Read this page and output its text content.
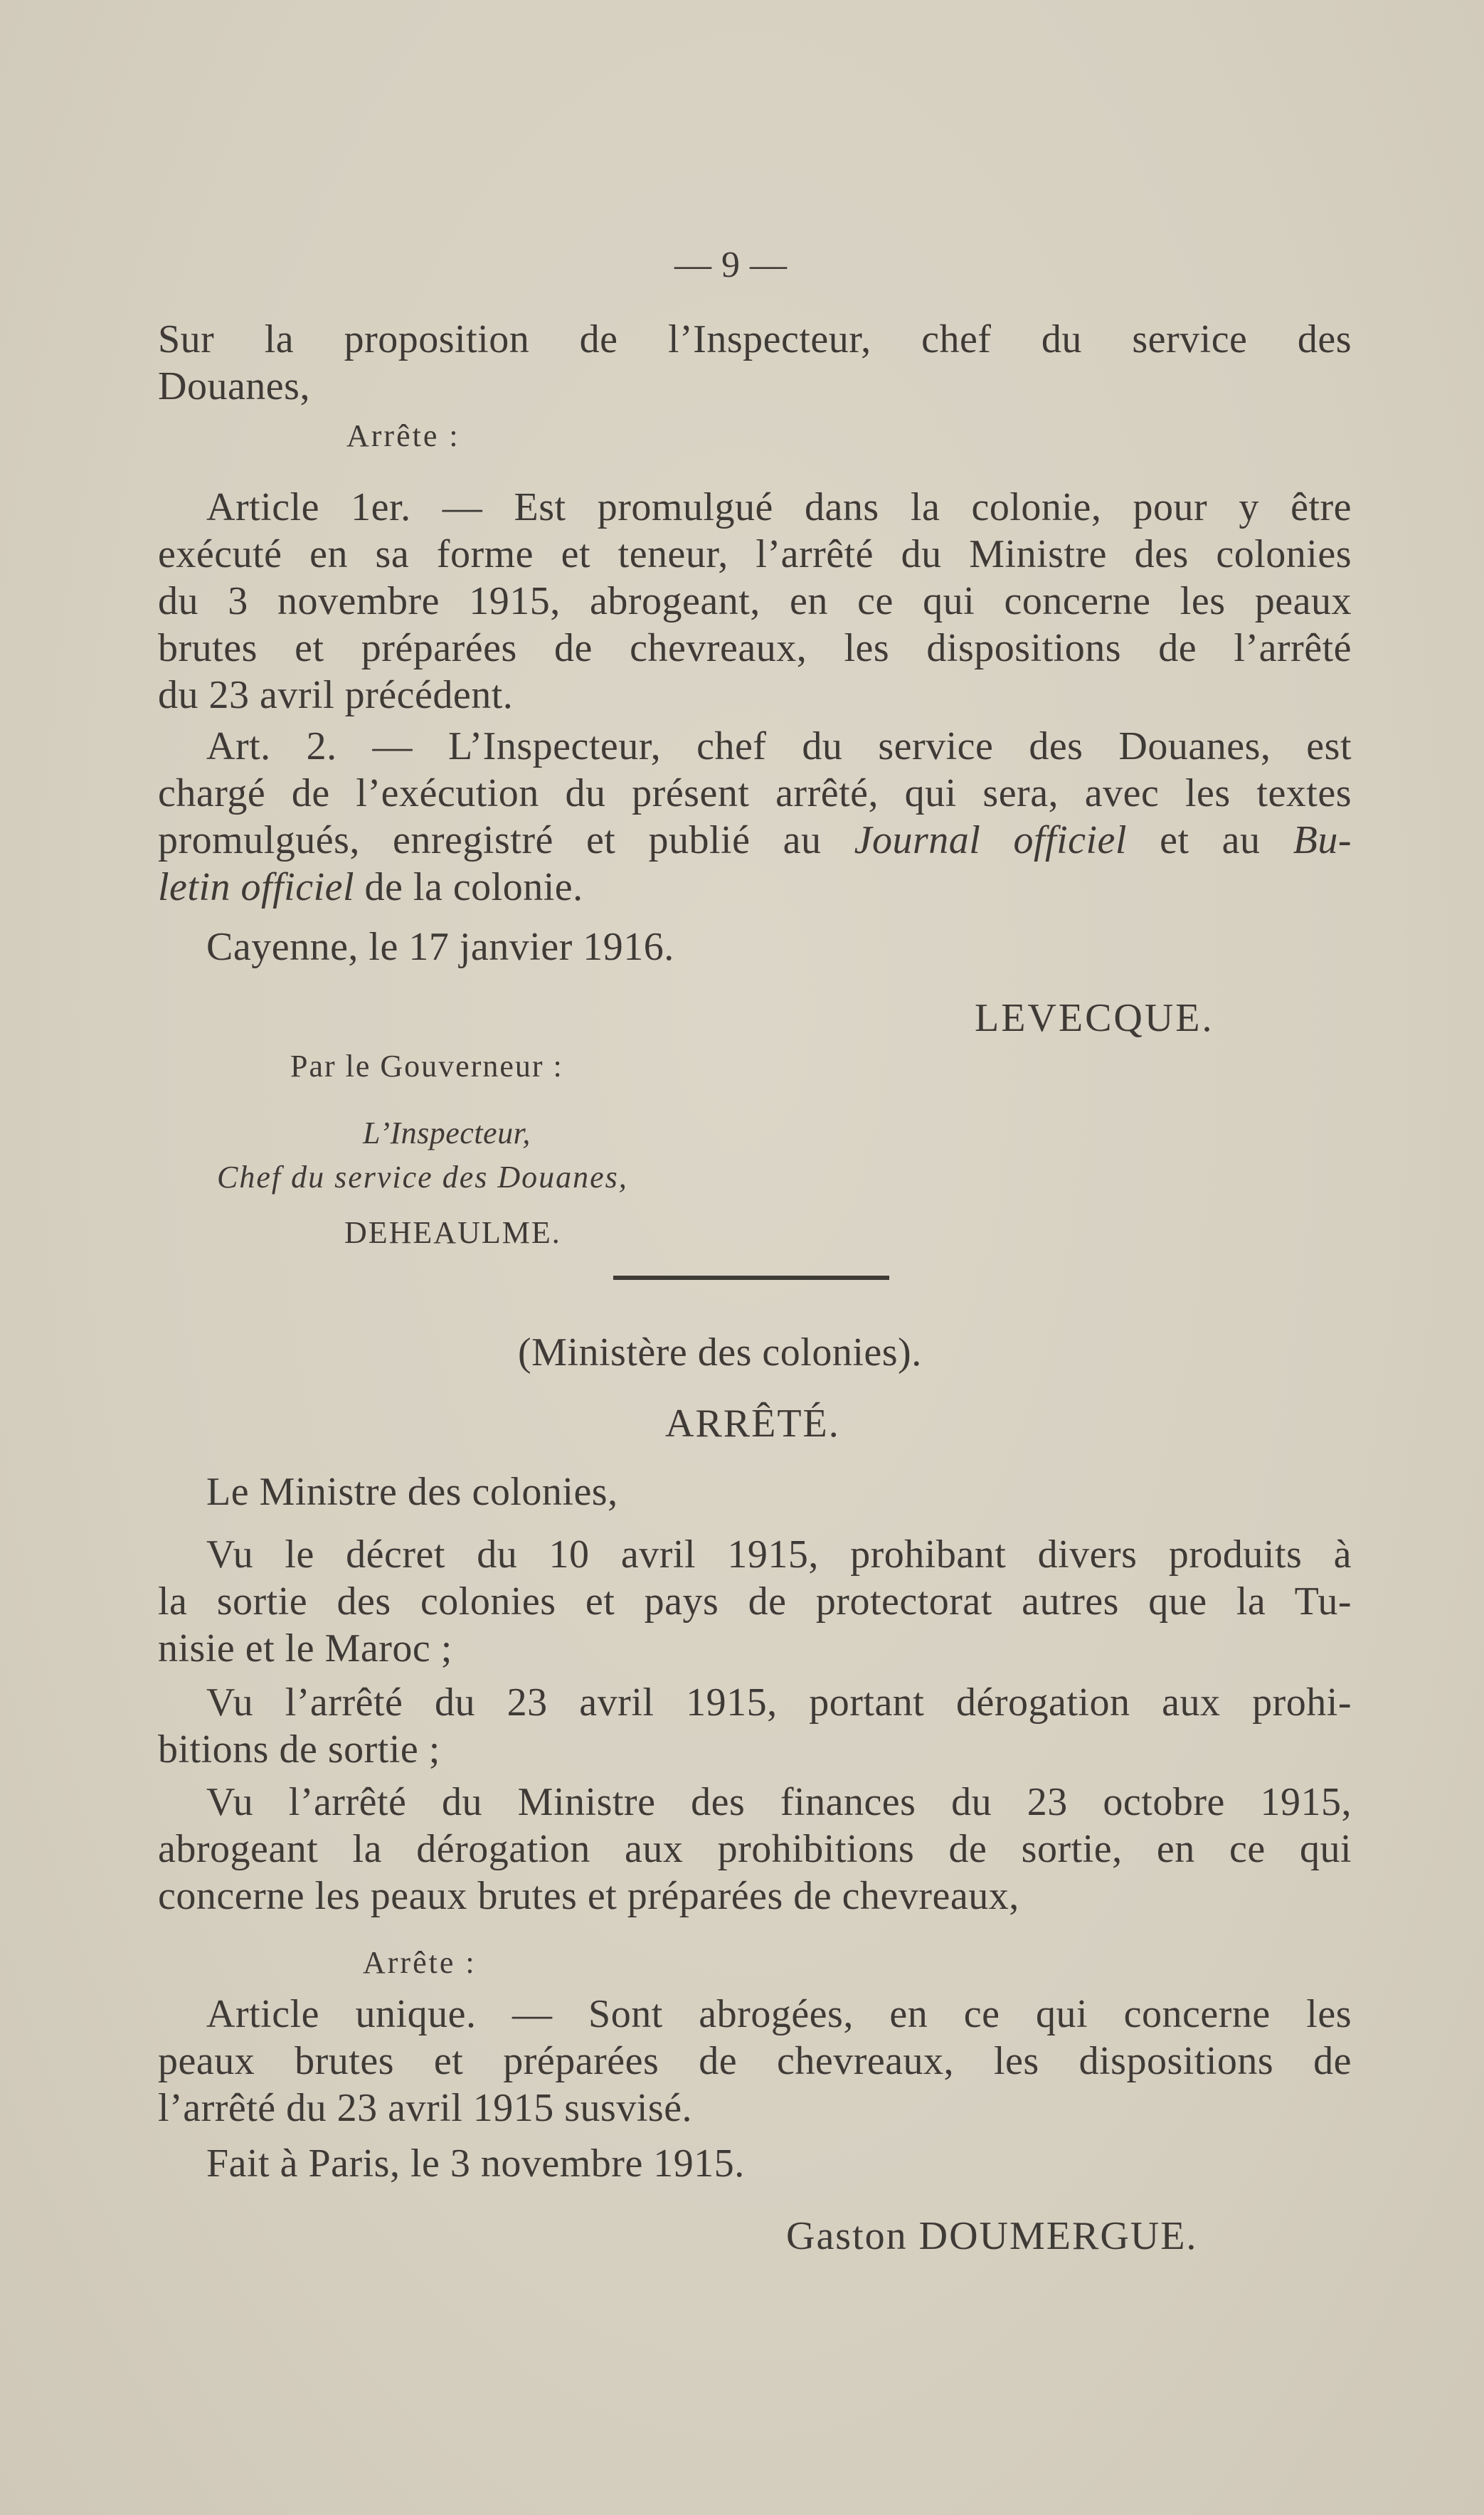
— 9 —
Sur la proposition de l’Inspecteur, chef du service des
Douanes,
Arrête :
Article 1er. — Est promulgué dans la colonie, pour y être
exécuté en sa forme et teneur, l’arrêté du Ministre des colonies
du 3 novembre 1915, abrogeant, en ce qui concerne les peaux
brutes et préparées de chevreaux, les dispositions de l’arrêté
du 23 avril précédent.
Art. 2. — L’Inspecteur, chef du service des Douanes, est
chargé de l’exécution du présent arrêté, qui sera, avec les textes
promulgués, enregistré et publié au Journal officiel et au Bu-
letin officiel de la colonie.
Cayenne, le 17 janvier 1916.
LEVECQUE.
Par le Gouverneur :
L’Inspecteur,
Chef du service des Douanes,
DEHEAULME.
(Ministère des colonies).
ARRÊTÉ.
Le Ministre des colonies,
Vu le décret du 10 avril 1915, prohibant divers produits à
la sortie des colonies et pays de protectorat autres que la Tu-
nisie et le Maroc ;
Vu l’arrêté du 23 avril 1915, portant dérogation aux prohi-
bitions de sortie ;
Vu l’arrêté du Ministre des finances du 23 octobre 1915,
abrogeant la dérogation aux prohibitions de sortie, en ce qui
concerne les peaux brutes et préparées de chevreaux,
Arrête :
Article unique. — Sont abrogées, en ce qui concerne les
peaux brutes et préparées de chevreaux, les dispositions de
l’arrêté du 23 avril 1915 susvisé.
Fait à Paris, le 3 novembre 1915.
Gaston DOUMERGUE.
